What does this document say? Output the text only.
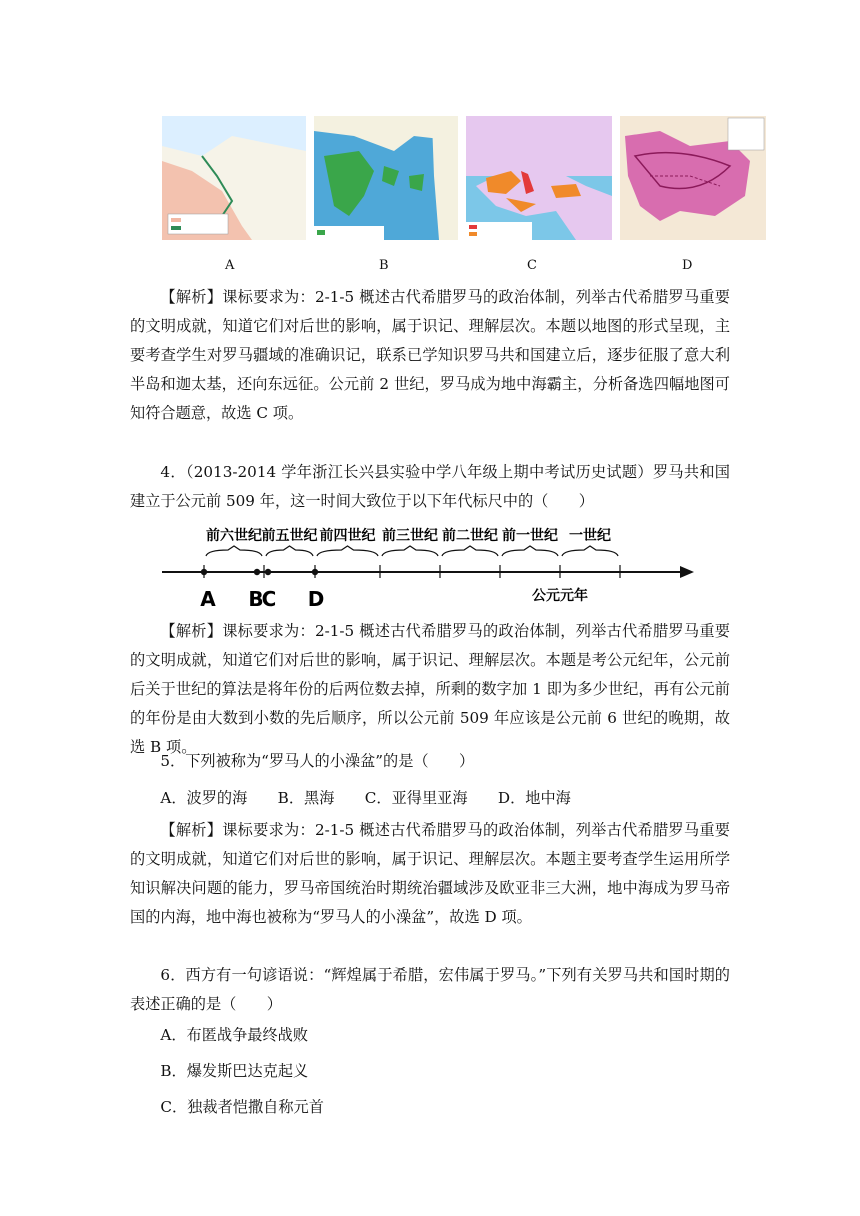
A	B	C	D
【解析】课标要求为：2-1-5 概述古代希腊罗马的政治体制，列举古代希腊罗马重要的文明成就，知道它们对后世的影响，属于识记、理解层次。本题以地图的形式呈现，主要考查学生对罗马疆域的准确识记，联系已学知识罗马共和国建立后，逐步征服了意大利半岛和迦太基，还向东远征。公元前 2 世纪，罗马成为地中海霸主，分析备选四幅地图可知符合题意，故选 C 项。
4．（2013-2014 学年浙江长兴县实验中学八年级上期中考试历史试题）罗马共和国建立于公元前 509 年，这一时间大致位于以下年代标尺中的（　　）
前六世纪 前五世纪 前四世纪 前三世纪 前二世纪 前一世纪 一世纪
A B
C D	公元元年
【解析】课标要求为：2-1-5 概述古代希腊罗马的政治体制，列举古代希腊罗马重要的文明成就，知道它们对后世的影响，属于识记、理解层次。本题是考公元纪年，公元前后关于世纪的算法是将年份的后两位数去掉，所剩的数字加 1 即为多少世纪，再有公元前的年份是由大数到小数的先后顺序，所以公元前 509 年应该是公元前 6 世纪的晚期，故选 B 项。
5．下列被称为“罗马人的小澡盆”的是（　　）
A．波罗的海　　B．黑海　　C．亚得里亚海　　D．地中海
【解析】课标要求为：2-1-5 概述古代希腊罗马的政治体制，列举古代希腊罗马重要的文明成就，知道它们对后世的影响，属于识记、理解层次。本题主要考查学生运用所学知识解决问题的能力，罗马帝国统治时期统治疆域涉及欧亚非三大洲，地中海成为罗马帝国的内海，地中海也被称为“罗马人的小澡盆”，故选 D 项。
6．西方有一句谚语说：“辉煌属于希腊，宏伟属于罗马。”下列有关罗马共和国时期的表述正确的是（　　）
A．布匿战争最终战败
B．爆发斯巴达克起义
C．独裁者恺撒自称元首
